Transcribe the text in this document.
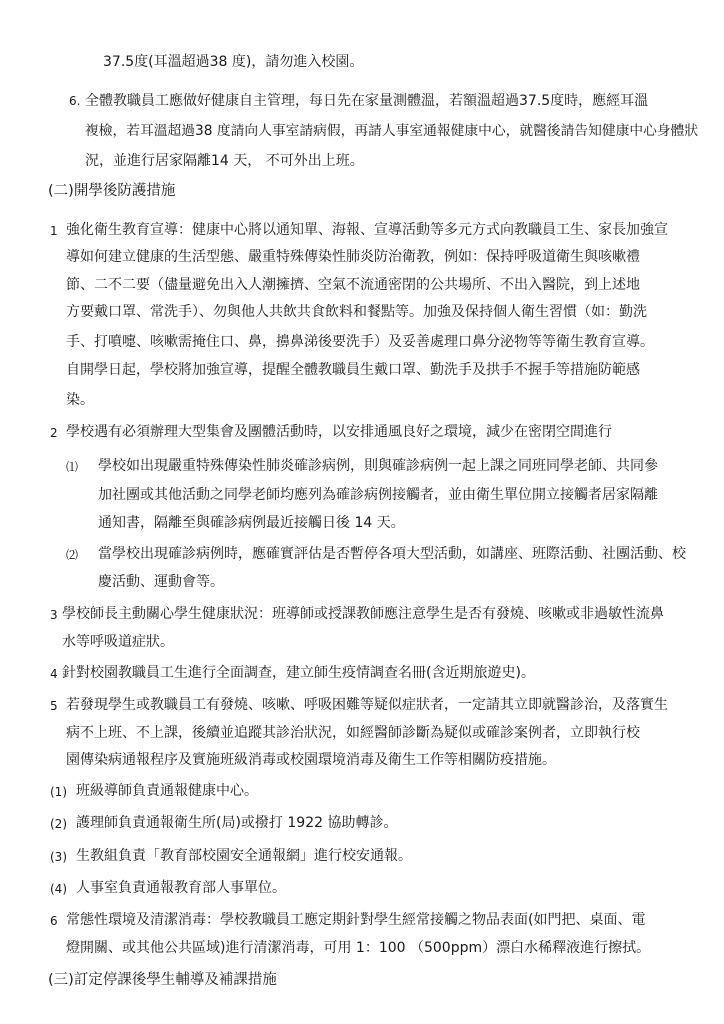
37.5度(耳溫超過38 度)，請勿進入校園。
6. 全體教職員工應做好健康自主管理，每日先在家量測體溫，若額溫超過37.5度時，應經耳溫
複檢，若耳溫超過38 度請向人事室請病假，再請人事室通報健康中心，就醫後請告知健康中心身體狀
況，並進行居家隔離14 天， 不可外出上班。
(二)開學後防護措施
1 強化衛生教育宣導：健康中心將以通知單、海報、宣導活動等多元方式向教職員工生、家長加強宣
導如何建立健康的生活型態、嚴重特殊傳染性肺炎防治衛教，例如：保持呼吸道衛生與咳嗽禮
節、二不二要（儘量避免出入人潮擁擠、空氣不流通密閉的公共場所、不出入醫院，到上述地
方要戴口罩、常洗手）、勿與他人共飲共食飲料和餐點等。加強及保持個人衛生習慣（如：勤洗
手、打噴嚏、咳嗽需掩住口、鼻，擤鼻涕後要洗手）及妥善處理口鼻分泌物等等衛生教育宣導。
自開學日起，學校將加強宣導，提醒全體教職員生戴口罩、勤洗手及拱手不握手等措施防範感
染。
2 學校遇有必須辦理大型集會及團體活動時，以安排通風良好之環境，減少在密閉空間進行
⑴ 學校如出現嚴重特殊傳染性肺炎確診病例，則與確診病例一起上課之同班同學老師、共同參
加社團或其他活動之同學老師均應列為確診病例接觸者，並由衛生單位開立接觸者居家隔離
通知書，隔離至與確診病例最近接觸日後 14 天。
⑵ 當學校出現確診病例時，應確實評估是否暫停各項大型活動，如講座、班際活動、社團活動、校
慶活動、運動會等。
3 學校師長主動關心學生健康狀況：班導師或授課教師應注意學生是否有發燒、咳嗽或非過敏性流鼻
水等呼吸道症狀。
4 針對校園教職員工生進行全面調查，建立師生疫情調查名冊(含近期旅遊史)。
5 若發現學生或教職員工有發燒、咳嗽、呼吸困難等疑似症狀者，一定請其立即就醫診治，及落實生
病不上班、不上課，後續並追蹤其診治狀況，如經醫師診斷為疑似或確診案例者，立即執行校
園傳染病通報程序及實施班級消毒或校園環境消毒及衛生工作等相關防疫措施。
(1) 班級導師負責通報健康中心。
(2) 護理師負責通報衛生所(局)或撥打 1922 協助轉診。
(3) 生教組負責「教育部校園安全通報網」進行校安通報。
(4) 人事室負責通報教育部人事單位。
6 常態性環境及清潔消毒：學校教職員工應定期針對學生經常接觸之物品表面(如門把、桌面、電
燈開關、或其他公共區域)進行清潔消毒，可用 1：100 （500ppm）漂白水稀釋液進行擦拭。
(三)訂定停課後學生輔導及補課措施
